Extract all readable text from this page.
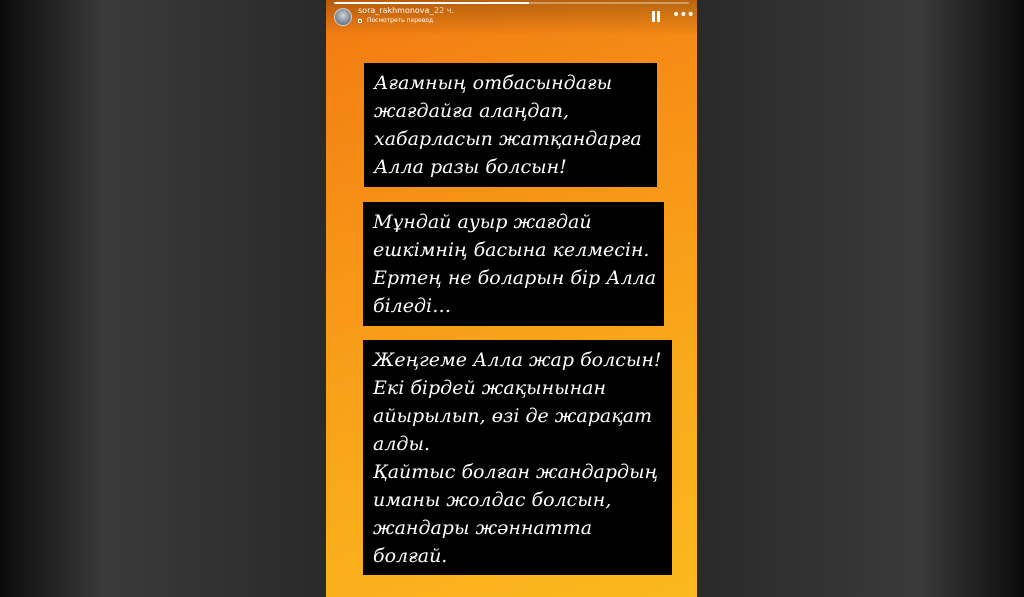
sora_rakhmonova_ 22 ч.
Посмотреть перевод	•••
Ағамның отбасындағы
жағдайға алаңдап,
хабарласып жатқандарға
Алла разы болсын!
Мұндай ауыр жағдай
ешкімнің басына келмесін.
Ертең не боларын бір Алла
біледі…
Жеңгеме Алла жар болсын!
Екі бірдей жақынынан
айырылып, өзі де жарақат
алды.
Қайтыс болған жандардың
иманы жолдас болсын,
жандары жәннатта
болғай.
